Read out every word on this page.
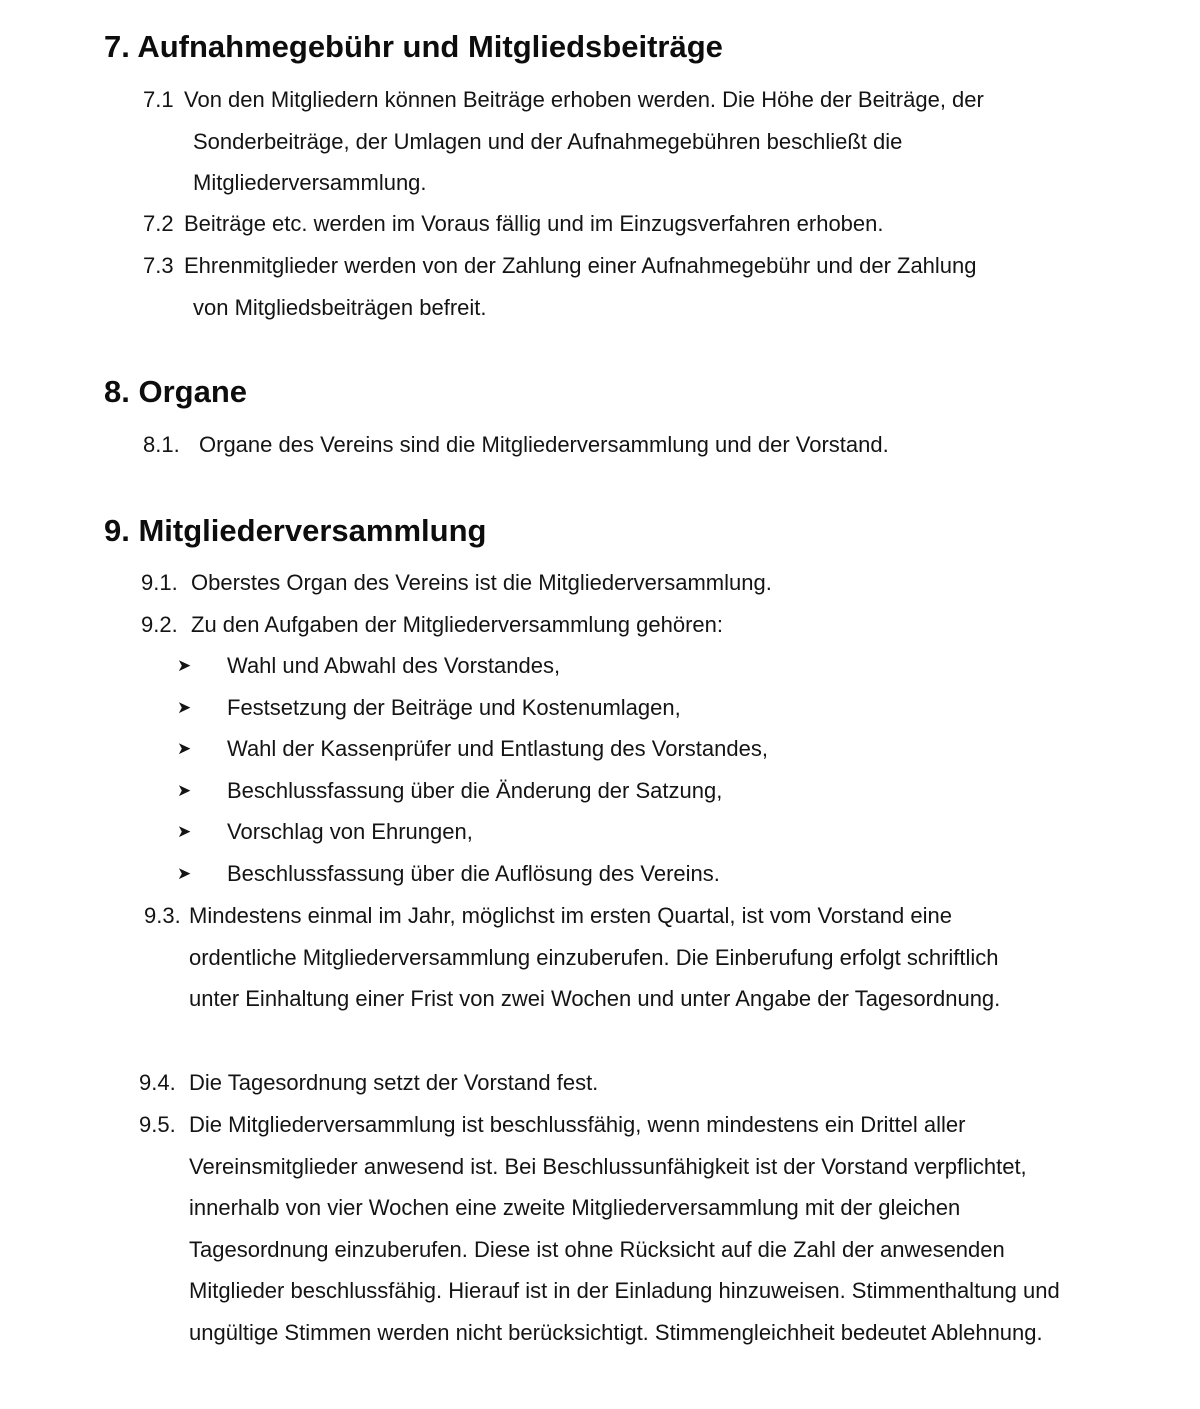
7. Aufnahmegebühr und Mitgliedsbeiträge
7.1 Von den Mitgliedern können Beiträge erhoben werden. Die Höhe der Beiträge, der
Sonderbeiträge, der Umlagen und der Aufnahmegebühren beschließt die Mitgliederversammlung.
7.2 Beiträge etc. werden im Voraus fällig und im Einzugsverfahren erhoben.
7.3 Ehrenmitglieder werden von der Zahlung einer Aufnahmegebühr und der Zahlung
von Mitgliedsbeiträgen befreit.
8. Organe
8.1. Organe des Vereins sind die Mitgliederversammlung und der Vorstand.
9. Mitgliederversammlung
9.1. Oberstes Organ des Vereins ist die Mitgliederversammlung.
9.2. Zu den Aufgaben der Mitgliederversammlung gehören:
➤ Wahl und Abwahl des Vorstandes,
➤ Festsetzung der Beiträge und Kostenumlagen,
➤ Wahl der Kassenprüfer und Entlastung des Vorstandes,
➤ Beschlussfassung über die Änderung der Satzung,
➤ Vorschlag von Ehrungen,
➤ Beschlussfassung über die Auflösung des Vereins.
9.3. Mindestens einmal im Jahr, möglichst im ersten Quartal, ist vom Vorstand eine
ordentliche Mitgliederversammlung einzuberufen. Die Einberufung erfolgt schriftlich unter Einhaltung einer Frist von zwei Wochen und unter Angabe der Tagesordnung.
9.4. Die Tagesordnung setzt der Vorstand fest.
9.5. Die Mitgliederversammlung ist beschlussfähig, wenn mindestens ein Drittel aller
Vereinsmitglieder anwesend ist. Bei Beschlussunfähigkeit ist der Vorstand verpflichtet, innerhalb von vier Wochen eine zweite Mitgliederversammlung mit der gleichen Tagesordnung einzuberufen. Diese ist ohne Rücksicht auf die Zahl der anwesenden Mitglieder beschlussfähig. Hierauf ist in der Einladung hinzuweisen. Stimmenthaltung und ungültige Stimmen werden nicht berücksichtigt. Stimmengleichheit bedeutet Ablehnung.
